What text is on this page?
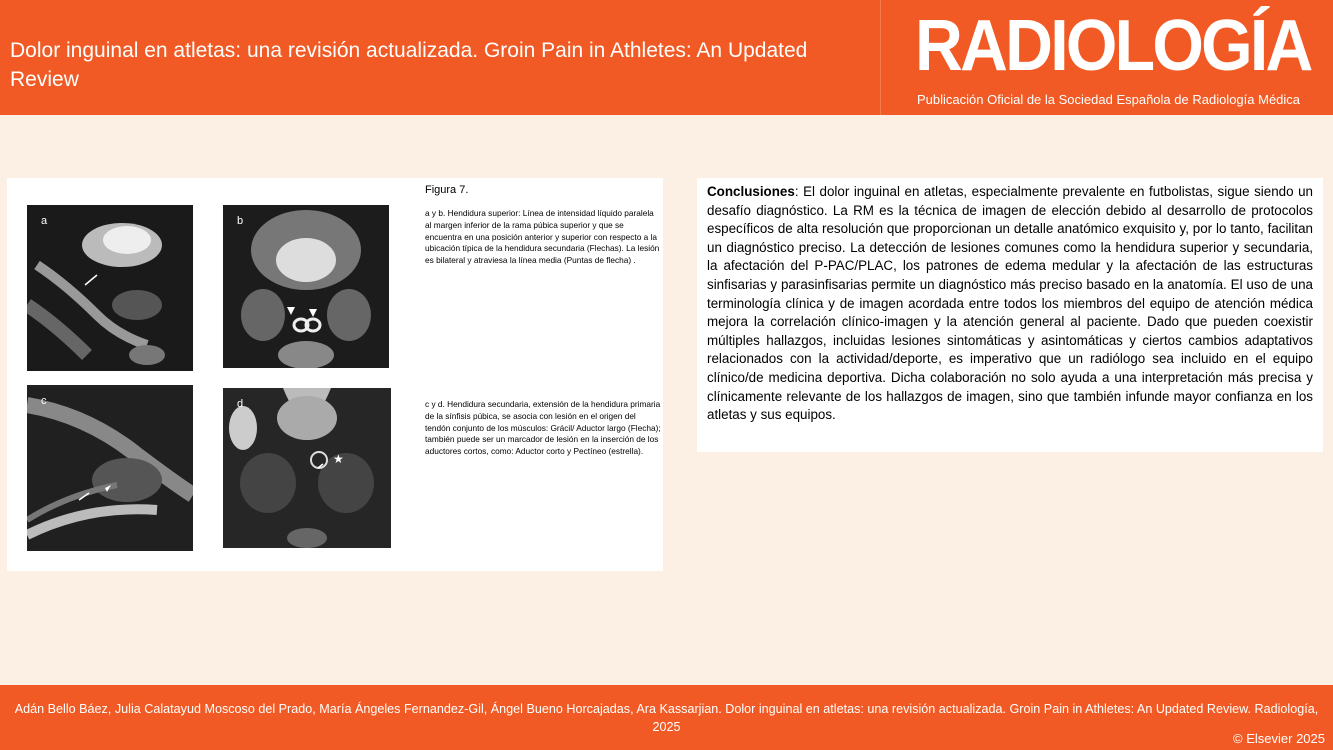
Dolor inguinal en atletas: una revisión actualizada. Groin Pain in Athletes: An Updated Review	RADIOLOGÍA
Publicación Oficial de la Sociedad Española de Radiología Médica
a	b
c	d
★
Figura 7.
a y b. Hendidura superior: Línea de intensidad líquido paralela al margen inferior de la rama púbica superior y que se encuentra en una posición anterior y superior con respecto a la ubicación típica de la hendidura secundaria (Flechas). La lesión es bilateral y atraviesa la línea media (Puntas de flecha) .
c y d. Hendidura secundaria, extensión de la hendidura primaria de la sínfisis púbica, se asocia con lesión en el origen del tendón conjunto de los músculos: Grácil/ Aductor largo (Flecha); también puede ser un marcador de lesión en la inserción de los aductores cortos, como: Aductor corto y Pectíneo (estrella).

Conclusiones: El dolor inguinal en atletas, especialmente prevalente en futbolistas, sigue siendo un desafío diagnóstico. La RM es la técnica de imagen de elección debido al desarrollo de protocolos específicos de alta resolución que proporcionan un detalle anatómico exquisito y, por lo tanto, facilitan un diagnóstico preciso. La detección de lesiones comunes como la hendidura superior y secundaria, la afectación del P-PAC/PLAC, los patrones de edema medular y la afectación de las estructuras sinfisarias y parasinfisarias permite un diagnóstico más preciso basado en la anatomía. El uso de una terminología clínica y de imagen acordada entre todos los miembros del equipo de atención médica mejora la correlación clínico-imagen y la atención general al paciente. Dado que pueden coexistir múltiples hallazgos, incluidas lesiones sintomáticas y asintomáticas y ciertos cambios adaptativos relacionados con la actividad/deporte, es imperativo que un radiólogo sea incluido en el equipo clínico/de medicina deportiva. Dicha colaboración no solo ayuda a una interpretación más precisa y clínicamente relevante de los hallazgos de imagen, sino que también infunde mayor confianza en los atletas y sus equipos.

Adán Bello Báez, Julia Calatayud Moscoso del Prado, María Ángeles Fernandez-Gil, Ángel Bueno Horcajadas, Ara Kassarjian. Dolor inguinal en atletas: una revisión actualizada. Groin Pain in Athletes: An Updated Review. Radiología, 2025
© Elsevier 2025
